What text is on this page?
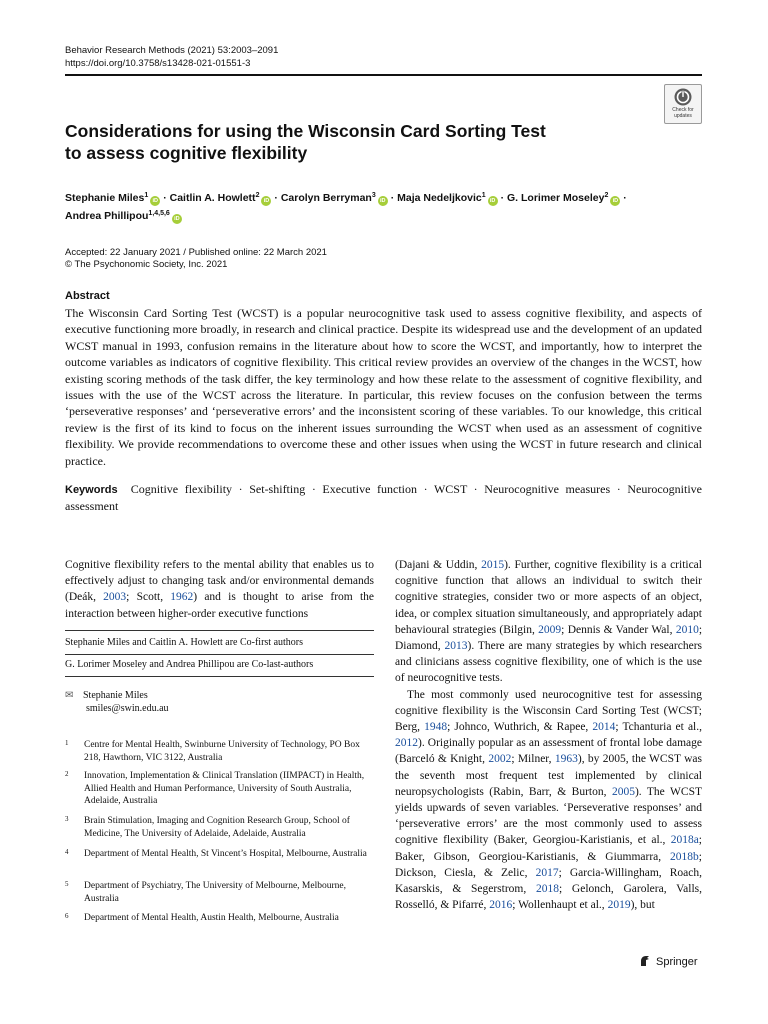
Behavior Research Methods (2021) 53:2003–2091
https://doi.org/10.3758/s13428-021-01551-3
Check for updates
Considerations for using the Wisconsin Card Sorting Test
to assess cognitive flexibility
Stephanie Miles$^1$iD · Caitlin A. Howlett$^2$iD · Carolyn Berryman$^3$iD · Maja Nedeljkovic$^1$iD · G. Lorimer Moseley$^2$iD ·
Andrea Phillipou$^{1,4,5,6}$iD
Accepted: 22 January 2021 / Published online: 22 March 2021
© The Psychonomic Society, Inc. 2021
Abstract
The Wisconsin Card Sorting Test (WCST) is a popular neurocognitive task used to assess cognitive flexibility, and aspects of executive functioning more broadly, in research and clinical practice. Despite its widespread use and the development of an updated WCST manual in 1993, confusion remains in the literature about how to score the WCST, and importantly, how to interpret the outcome variables as indicators of cognitive flexibility. This critical review provides an overview of the changes in the WCST, how existing scoring methods of the task differ, the key terminology and how these relate to the assessment of cognitive flexibility, and issues with the use of the WCST across the literature. In particular, this review focuses on the confusion between the terms ‘perseverative responses’ and ‘perseverative errors’ and the inconsistent scoring of these variables. To our knowledge, this critical review is the first of its kind to focus on the inherent issues surrounding the WCST when used as an assessment of cognitive flexibility. We provide recommendations to overcome these and other issues when using the WCST in future research and clinical practice.
Keywords Cognitive flexibility · Set-shifting · Executive function · WCST · Neurocognitive measures · Neurocognitive assessment
Cognitive flexibility refers to the mental ability that enables us to effectively adjust to changing task and/or environmental demands (Deák, 2003; Scott, 1962) and is thought to arise from the interaction between higher-order executive functions
Stephanie Miles and Caitlin A. Howlett are Co-first authors
G. Lorimer Moseley and Andrea Phillipou are Co-last-authors
✉ Stephanie Miles
smiles@swin.edu.au
1 Centre for Mental Health, Swinburne University of Technology, PO Box 218, Hawthorn, VIC 3122, Australia
2 Innovation, Implementation & Clinical Translation (IIMPACT) in Health, Allied Health and Human Performance, University of South Australia, Adelaide, Australia
3 Brain Stimulation, Imaging and Cognition Research Group, School of Medicine, The University of Adelaide, Adelaide, Australia
4 Department of Mental Health, St Vincent’s Hospital, Melbourne, Australia
5 Department of Psychiatry, The University of Melbourne, Melbourne, Australia
6 Department of Mental Health, Austin Health, Melbourne, Australia

(Dajani & Uddin, 2015). Further, cognitive flexibility is a critical cognitive function that allows an individual to switch their cognitive strategies, consider two or more aspects of an object, idea, or complex situation simultaneously, and appropriately adapt behavioural strategies (Bilgin, 2009; Dennis & Vander Wal, 2010; Diamond, 2013). There are many strategies by which researchers and clinicians assess cognitive flexibility, one of which is the use of neurocognitive tests.

The most commonly used neurocognitive test for assessing cognitive flexibility is the Wisconsin Card Sorting Test (WCST; Berg, 1948; Johnco, Wuthrich, & Rapee, 2014; Tchanturia et al., 2012). Originally popular as an assessment of frontal lobe damage (Barceló & Knight, 2002; Milner, 1963), by 2005, the WCST was the seventh most frequent test implemented by clinical neuropsychologists (Rabin, Barr, & Burton, 2005). The WCST yields upwards of seven variables. ‘Perseverative responses’ and ‘perseverative errors’ are the most commonly used to assess cognitive flexibility (Baker, Georgiou-Karistianis, et al., 2018a; Baker, Gibson, Georgiou-Karistianis, & Giummarra, 2018b; Dickson, Ciesla, & Zelic, 2017; Garcia-Willingham, Roach, Kasarskis, & Segerstrom, 2018; Gelonch, Garolera, Valls, Rosselló, & Pifarré, 2016; Wollenhaupt et al., 2019), but

Springer
